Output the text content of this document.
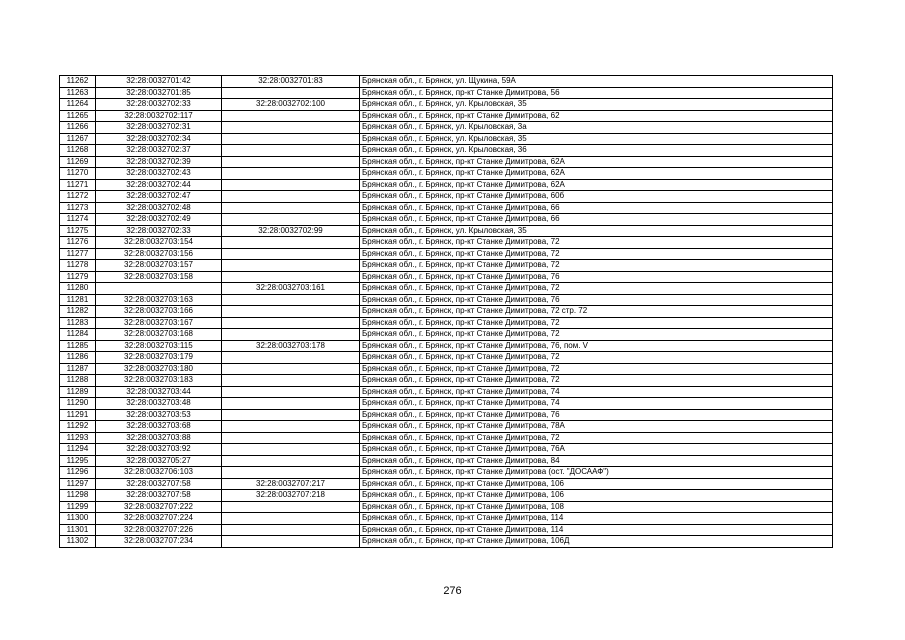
11262	32:28:0032701:42	32:28:0032701:83	Брянская обл., г. Брянск, ул. Щукина, 59А
11263	32:28:0032701:85		Брянская обл., г. Брянск, пр-кт Станке Димитрова, 56
11264	32:28:0032702:33	32:28:0032702:100	Брянская обл., г. Брянск, ул. Крыловская, 35
11265	32:28:0032702:117		Брянская обл., г. Брянск, пр-кт Станке Димитрова, 62
11266	32:28:0032702:31		Брянская обл., г. Брянск, ул. Крыловская, 3а
11267	32:28:0032702:34		Брянская обл., г. Брянск, ул. Крыловская, 35
11268	32:28:0032702:37		Брянская обл., г. Брянск, ул. Крыловская, 36
11269	32:28:0032702:39		Брянская обл., г. Брянск, пр-кт Станке Димитрова, 62А
11270	32:28:0032702:43		Брянская обл., г. Брянск, пр-кт Станке Димитрова, 62А
11271	32:28:0032702:44		Брянская обл., г. Брянск, пр-кт Станке Димитрова, 62А
11272	32:28:0032702:47		Брянская обл., г. Брянск, пр-кт Станке Димитрова, 60б
11273	32:28:0032702:48		Брянская обл., г. Брянск, пр-кт Станке Димитрова, 66
11274	32:28:0032702:49		Брянская обл., г. Брянск, пр-кт Станке Димитрова, 66
11275	32:28:0032702:33	32:28:0032702:99	Брянская обл., г. Брянск, ул. Крыловская, 35
11276	32:28:0032703:154		Брянская обл., г. Брянск, пр-кт Станке Димитрова, 72
11277	32:28:0032703:156		Брянская обл., г. Брянск, пр-кт Станке Димитрова, 72
11278	32:28:0032703:157		Брянская обл., г. Брянск, пр-кт Станке Димитрова, 72
11279	32:28:0032703:158		Брянская обл., г. Брянск, пр-кт Станке Димитрова, 76
11280		32:28:0032703:161	Брянская обл., г. Брянск, пр-кт Станке Димитрова, 72
11281	32:28:0032703:163		Брянская обл., г. Брянск, пр-кт Станке Димитрова, 76
11282	32:28:0032703:166		Брянская обл., г. Брянск, пр-кт Станке Димитрова, 72 стр. 72
11283	32:28:0032703:167		Брянская обл., г. Брянск, пр-кт Станке Димитрова, 72
11284	32:28:0032703:168		Брянская обл., г. Брянск, пр-кт Станке Димитрова, 72
11285	32:28:0032703:115	32:28:0032703:178	Брянская обл., г. Брянск, пр-кт Станке Димитрова, 76, пом. V
11286	32:28:0032703:179		Брянская обл., г. Брянск, пр-кт Станке Димитрова, 72
11287	32:28:0032703:180		Брянская обл., г. Брянск, пр-кт Станке Димитрова, 72
11288	32:28:0032703:183		Брянская обл., г. Брянск, пр-кт Станке Димитрова, 72
11289	32:28:0032703:44		Брянская обл., г. Брянск, пр-кт Станке Димитрова, 74
11290	32:28:0032703:48		Брянская обл., г. Брянск, пр-кт Станке Димитрова, 74
11291	32:28:0032703:53		Брянская обл., г. Брянск, пр-кт Станке Димитрова, 76
11292	32:28:0032703:68		Брянская обл., г. Брянск, пр-кт Станке Димитрова, 78А
11293	32:28:0032703:88		Брянская обл., г. Брянск, пр-кт Станке Димитрова, 72
11294	32:28:0032703:92		Брянская обл., г. Брянск, пр-кт Станке Димитрова, 76А
11295	32:28:0032705:27		Брянская обл., г. Брянск, пр-кт Станке Димитрова, 84
11296	32:28:0032706:103		Брянская обл., г. Брянск, пр-кт Станке Димитрова (ост. "ДОСААФ")
11297	32:28:0032707:58	32:28:0032707:217	Брянская обл., г. Брянск, пр-кт Станке Димитрова, 106
11298	32:28:0032707:58	32:28:0032707:218	Брянская обл., г. Брянск, пр-кт Станке Димитрова, 106
11299	32:28:0032707:222		Брянская обл., г. Брянск, пр-кт Станке Димитрова, 108
11300	32:28:0032707:224		Брянская обл., г. Брянск, пр-кт Станке Димитрова, 114
11301	32:28:0032707:226		Брянская обл., г. Брянск, пр-кт Станке Димитрова, 114
11302	32:28:0032707:234		Брянская обл., г. Брянск, пр-кт Станке Димитрова, 106Д
276
